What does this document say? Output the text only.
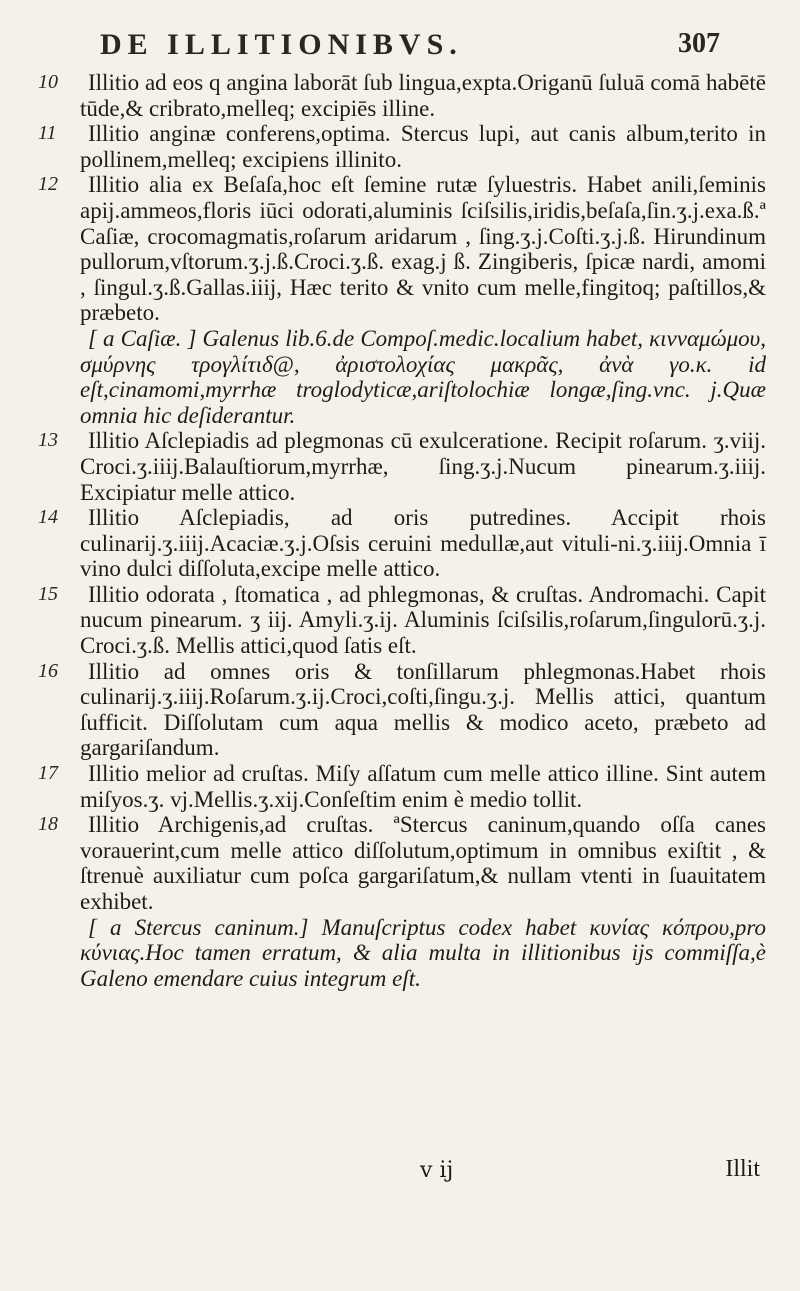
DE ILLITIONIBVS.	307
10	Illitio ad eos q angina laborāt ſub lingua,expta.Origanū ſuluā comā habētē tūde,& cribrato,melleq; excipiēs illine.
11	Illitio anginæ conferens,optima. Stercus lupi, aut canis album,terito in pollinem,melleq; excipiens illinito.
12	Illitio alia ex Beſaſa,hoc eſt ſemine rutæ ſyluestris. Habet anili,ſeminis apij.ammeos,floris iūci odorati,aluminis ſciſsilis,iridis,beſaſa,ſin.ʒ.j.exa.ß.ª Caſiæ, crocomagmatis,roſarum aridarum , ſing.ʒ.j.Coſti.ʒ.j.ß. Hirundinum pullorum,vſtorum.ʒ.j.ß.Croci.ʒ.ß. exag.j ß. Zingiberis, ſpicæ nardi, amomi , ſingul.ʒ.ß.Gallas.iiij, Hæc terito & vnito cum melle,fingitoq; paſtillos,& præbeto.
[ a Caſiæ. ] Galenus lib.6.de Compoſ.medic.localium habet, κινναμώμου, σμύρνης τρογλίτιδ@, ἀριστολοχίας μακρᾶς, ἀνὰ γο.κ. id eſt,cinamomi,myrrhæ troglodyticæ,ariſtolochiæ longæ,ſing.vnc. j.Quæ omnia hic deſiderantur.
13	Illitio Aſclepiadis ad plegmonas cū exulceratione. Recipit roſarum. ʒ.viij. Croci.ʒ.iiij.Balauſtiorum,myrrhæ, ſing.ʒ.j.Nucum pinearum.ʒ.iiij. Excipiatur melle attico.
14	Illitio Aſclepiadis, ad oris putredines. Accipit rhois culinarij.ʒ.iiij.Acaciæ.ʒ.j.Oſsis ceruini medullæ,aut vituli-ni.ʒ.iiij.Omnia ī vino dulci diſſoluta,excipe melle attico.
15	Illitio odorata , ſtomatica , ad phlegmonas, & cruſtas. Andromachi. Capit nucum pinearum. ʒ iij. Amyli.ʒ.ij. Aluminis ſciſsilis,roſarum,ſingulorū.ʒ.j. Croci.ʒ.ß. Mellis attici,quod ſatis eſt.
16	Illitio ad omnes oris & tonſillarum phlegmonas.Habet rhois culinarij.ʒ.iiij.Roſarum.ʒ.ij.Croci,coſti,ſingu.ʒ.j. Mellis attici, quantum ſufficit. Diſſolutam cum aqua mellis & modico aceto, præbeto ad gargariſandum.
17	Illitio melior ad cruſtas. Miſy aſſatum cum melle attico illine. Sint autem miſyos.ʒ. vj.Mellis.ʒ.xij.Conſeſtim enim è medio tollit.
18	Illitio Archigenis,ad cruſtas. ªStercus caninum,quando oſſa canes vorauerint,cum melle attico diſſolutum,optimum in omnibus exiſtit , & ſtrenuè auxiliatur cum poſca gargariſatum,& nullam vtenti in ſuauitatem exhibet.
[ a Stercus caninum.] Manuſcriptus codex habet κυνίας κόπρου,pro κύνιας.Hoc tamen erratum, & alia multa in illitionibus ijs commiſſa,è Galeno emendare cuius integrum eſt.
v ij	Illit
